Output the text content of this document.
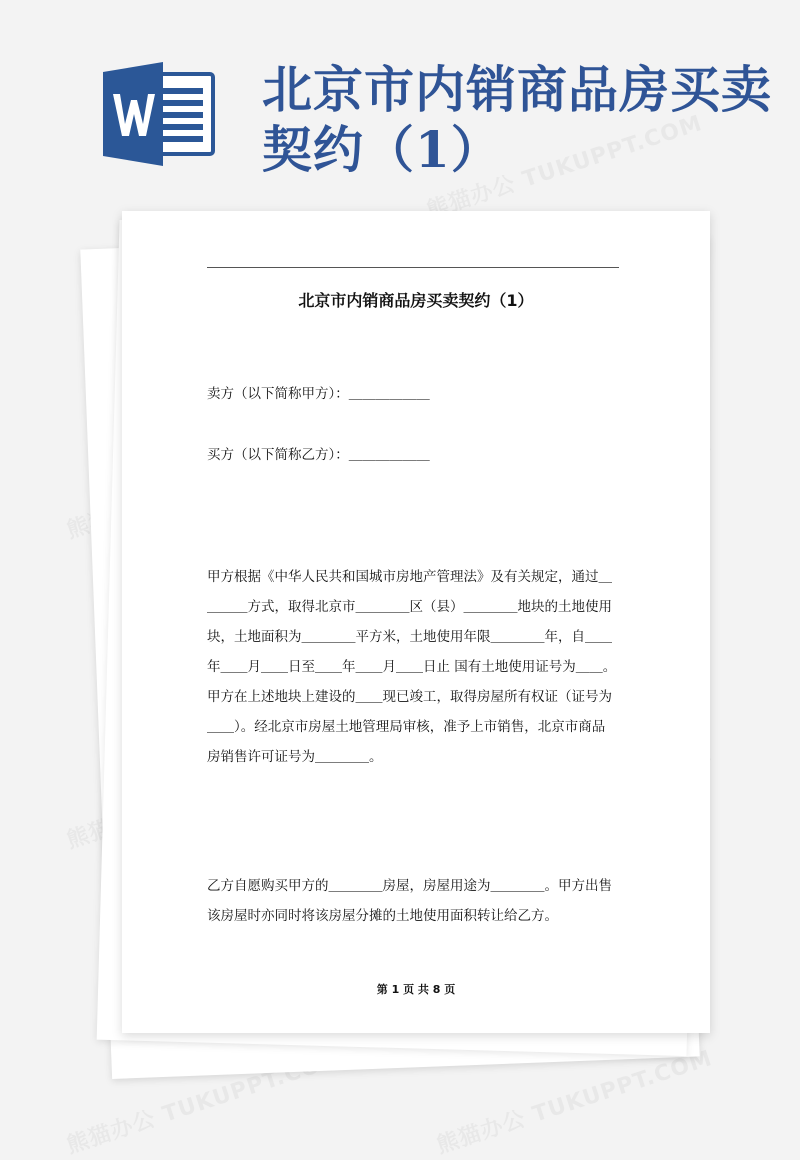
北京市内销商品房买卖
契约（1）
北京市内销商品房买卖契约（1）

卖方（以下简称甲方）：＿＿＿＿＿＿

买方（以下简称乙方）：＿＿＿＿＿＿

甲方根据《中华人民共和国城市房地产管理法》及有关规定，通过＿
＿＿＿方式，取得北京市＿＿＿＿区（县）＿＿＿＿地块的土地使用
块，土地面积为＿＿＿＿平方米，土地使用年限＿＿＿＿年，自＿＿
年＿＿月＿＿日至＿＿年＿＿月＿＿日止 国有土地使用证号为＿＿。
甲方在上述地块上建设的＿＿现已竣工，取得房屋所有权证（证号为
＿＿）。经北京市房屋土地管理局审核，准予上市销售，北京市商品
房销售许可证号为＿＿＿＿。

乙方自愿购买甲方的＿＿＿＿房屋，房屋用途为＿＿＿＿。甲方出售
该房屋时亦同时将该房屋分摊的土地使用面积转让给乙方。

第 1 页 共 8 页
